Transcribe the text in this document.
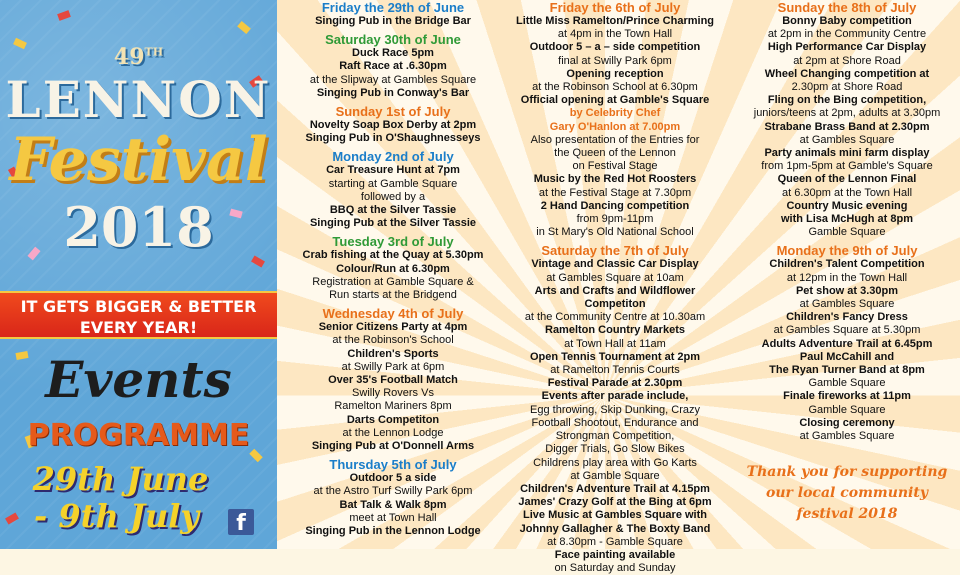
49TH
LENNON
Festival
2018
IT GETS BIGGER & BETTER
EVERY YEAR!
Events
PROGRAMME
29th June
- 9th July	f
Friday the 29th of June
Singing Pub in the Bridge Bar
Saturday 30th of June
Duck Race 5pm
Raft Race at .6.30pm
at the Slipway at Gambles Square
Singing Pub in Conway's Bar
Sunday 1st of July
Novelty Soap Box Derby at 2pm
Singing Pub in O'Shaughnesseys
Monday 2nd of July
Car Treasure Hunt at 7pm
starting at Gamble Square
followed by a
BBQ at the Silver Tassie
Singing Pub at the Silver Tassie
Tuesday 3rd of July
Crab fishing at the Quay at 5.30pm
Colour/Run at 6.30pm
Registration at Gamble Square &
Run starts at the Bridgend
Wednesday 4th of July
Senior Citizens Party at 4pm
at the Robinson's School
Children's Sports
at Swilly Park at 6pm
Over 35's Football Match
Swilly Rovers Vs
Ramelton Mariners 8pm
Darts Competiton
at the Lennon Lodge
Singing Pub at O'Donnell Arms
Thursday 5th of July
Outdoor 5 a side
at the Astro Turf Swilly Park 6pm
Bat Talk & Walk 8pm
meet at Town Hall
Singing Pub in the Lennon Lodge
Friday the 6th of July
Little Miss Ramelton/Prince Charming
at 4pm in the Town Hall
Outdoor 5 – a – side competition
final at Swilly Park 6pm
Opening reception
at the Robinson School at 6.30pm
Official opening at Gamble's Square
by Celebrity Chef
Gary O'Hanlon at 7.00pm
Also presentation of the Entries for
the Queen of the Lennon
on Festival Stage
Music by the Red Hot Roosters
at the Festival Stage at 7.30pm
2 Hand Dancing competition
from 9pm-11pm
in St Mary's Old National School
Saturday the 7th of July
Vintage and Classic Car Display
at Gambles Square at 10am
Arts and Crafts and Wildflower
Competiton
at the Community Centre at 10.30am
Ramelton Country Markets
at Town Hall at 11am
Open Tennis Tournament at 2pm
at Ramelton Tennis Courts
Festival Parade at 2.30pm
Events after parade include,
Egg throwing, Skip Dunking, Crazy
Football Shootout, Endurance and
Strongman Competition,
Digger Trials, Go Slow Bikes
Childrens play area with Go Karts
at Gamble Square
Children's Adventure Trail at 4.15pm
James' Crazy Golf at the Bing at 6pm
Live Music at Gambles Square with
Johnny Gallagher & The Boxty Band
at 8.30pm - Gamble Square
Face painting available
on Saturday and Sunday
Sunday the 8th of July
Bonny Baby competition
at 2pm in the Community Centre
High Performance Car Display
at 2pm at Shore Road
Wheel Changing competition at
2.30pm at Shore Road
Fling on the Bing competition,
juniors/teens at 2pm, adults at 3.30pm
Strabane Brass Band at 2.30pm
at Gambles Square
Party animals mini farm display
from 1pm-5pm at Gamble's Square
Queen of the Lennon Final
at 6.30pm at the Town Hall
Country Music evening
with Lisa McHugh at 8pm
Gamble Square
Monday the 9th of July
Children's Talent Competition
at 12pm in the Town Hall
Pet show at 3.30pm
at Gambles Square
Children's Fancy Dress
at Gambles Square at 5.30pm
Adults Adventure Trail at 6.45pm
Paul McCahill and
The Ryan Turner Band at 8pm
Gamble Square
Finale fireworks at 11pm
Gamble Square
Closing ceremony
at Gambles Square
Thank you for supporting
our local community
festival 2018
